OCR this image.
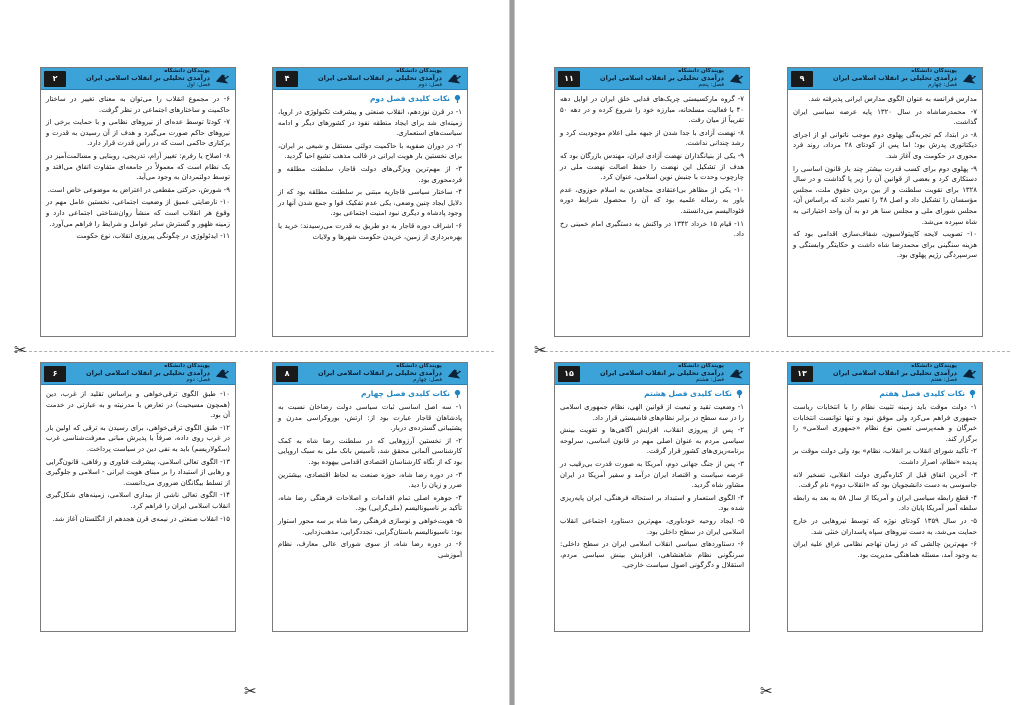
✂	✂
✂	✂
پویندگان دانشگاه
درآمدی تحلیلی بر انقلاب اسلامی ایران
فصل: اول
۲

۶- در مجموع انقلاب را می‌توان به معنای تغییر در ساختار حاکمیت و ساختارهای اجتماعی در نظر گرفت.

۷- کودتا توسط عده‌ای از نیروهای نظامی و با حمایت برخی از نیروهای حاکم صورت می‌گیرد و هدف از آن رسیدن به قدرت و برکناری حاکمی است که در رأس قدرت قرار دارد.

۸- اصلاح یا رفرم: تغییر آرام، تدریجی، روبنایی و مسالمت‌آمیز در یک نظام است که معمولاً در جامعه‌ای متفاوت اتفاق می‌افتد و توسط دولتمردان به وجود می‌آید.

۹- شورش، حرکتی مقطعی در اعتراض به موضوعی خاص است.

۱۰- نارضایتی عمیق از وضعیت اجتماعی، نخستین عامل مهم در وقوع هر انقلاب است که منشأ روان‌شناختی اجتماعی دارد و زمینه ظهور و گسترش سایر عوامل و شرایط را فراهم می‌آورد.

۱۱- ایدئولوژی در چگونگی پیروزی انقلاب، نوع حکومت

پویندگان دانشگاه
درآمدی تحلیلی بر انقلاب اسلامی ایران
فصل: دوم
۴
نکات کلیدی فصل دوم

۱- در قرن نوزدهم، انقلاب صنعتی و پیشرفت تکنولوژی در اروپا، زمینه‌ای شد برای ایجاد منطقه نفوذ در کشورهای دیگر و ادامه سیاست‌های استعماری.

۲- در دوران صفویه با حاکمیت دولتی مستقل و شیعی بر ایران، برای نخستین بار هویت ایرانی در قالب مذهب تشیع احیا گردید.

۳- از مهم‌ترین ویژگی‌های دولت قاجار، سلطنت مطلقه و فردمحوری بود.

۴- ساختار سیاسی قاجاریه مبتنی بر سلطنت مطلقه بود که از دلایل ایجاد چنین وضعی، یکی عدم تفکیک قوا و جمع شدن آنها در وجود پادشاه و دیگری نبود امنیت اجتماعی بود.

۶- اشراف دوره قاجار به دو طریق به قدرت می‌رسیدند: خرید یا بهره‌برداری از زمین، خریدن حکومت شهرها و ولایات

پویندگان دانشگاه
درآمدی تحلیلی بر انقلاب اسلامی ایران
فصل: پنجم
۱۱

۷- گروه مارکسیستی چریک‌های فدایی خلق ایران در اوایل دهه ۴۰ با فعالیت مسلحانه، مبارزه خود را شروع کرده و در دهه ۵۰ تقریباً از میان رفت.

۸- نهضت آزادی با جدا شدن از جبهه ملی اعلام موجودیت کرد و رشد چندانی نداشت.

۹- یکی از بنیانگذاران نهضت آزادی ایران، مهندس بازرگان بود که هدف از تشکیل این نهضت را حفظ اصالت نهضت ملی در چارچوب وحدت با جنبش نوین اسلامی، عنوان کرد.

۱۰- یکی از مظاهر بی‌اعتقادی مجاهدین به اسلام حوزوی، عدم باور به رساله علمیه بود که آن را محصول شرایط دوره فئودالیسم می‌دانستند.

۱۱- قیام ۱۵ خرداد ۱۳۴۲ در واکنش به دستگیری امام خمینی رخ داد.

پویندگان دانشگاه
درآمدی تحلیلی بر انقلاب اسلامی ایران
فصل: چهارم
۹

مدارس فرانسه به عنوان الگوی مدارس ایرانی پذیرفته شد.

۷- محمدرضاشاه در سال ۱۳۲۰ پایه عرصه سیاسی ایران گذاشت.

۸- در ابتدا، کم تجربه‌گی پهلوی دوم موجب ناتوانی او از اجرای دیکتاتوری پدرش بود؛ اما پس از کودتای ۲۸ مرداد، روند فرد محوری در حکومت وی آغاز شد.

۹- پهلوی دوم برای کسب قدرت بیشتر چند بار قانون اساسی را دستکاری کرد و بعضی از قوانین آن را زیر پا گذاشت و در سال ۱۳۲۸ برای تقویت سلطنت و از بین بردن حقوق ملت، مجلس مؤسسان را تشکیل داد و اصل ۴۸ را تغییر دادند که براساس آن، مجلس شورای ملی و مجلس سنا هر دو به آن واحد اختیاراتی به شاه سپرده می‌شد.

۱۰- تصویب لایحه کاپیتولاسیون، شفاف‌سازی اقدامی بود که هزینه سنگینی برای محمدرضا شاه داشت و حکایتگر وابستگی و سرسپردگی رژیم پهلوی بود.

پویندگان دانشگاه
درآمدی تحلیلی بر انقلاب اسلامی ایران
فصل: دوم
۶

۱۰- طبق الگوی ترقی‌خواهی و براساس تقلید از غرب، دین (همچون مسیحیت) در تعارض با مدرنیته و به عبارتی در خدمت آن بود.

۱۲- طبق الگوی ترقی‌خواهی، برای رسیدن به ترقی که اولین بار در غرب روی داده، صرفاً با پذیرش مبانی معرفت‌شناسی غرب (سکولاریسم) باید به نفی دین در سیاست پرداخت.

۱۳- الگوی تعالی اسلامی، پیشرفت فناوری و رفاهی، قانون‌گرایی و رهایی از استبداد را بر مبنای هویت ایرانی - اسلامی و جلوگیری از تسلط بیگانگان ضروری می‌دانست.

۱۴- الگوی تعالی ناشی از بیداری اسلامی، زمینه‌های شکل‌گیری انقلاب اسلامی ایران را فراهم کرد.

۱۵- انقلاب صنعتی در نیمه‌ی قرن هجدهم از انگلستان آغاز شد.

پویندگان دانشگاه
درآمدی تحلیلی بر انقلاب اسلامی ایران
فصل: چهارم
۸
نکات کلیدی فصل چهارم

۱- سه اصل اساسی ثبات سیاسی دولت رضاخان نسبت به پادشاهان قاجار عبارت بود از: ارتش، بوروکراسی مدرن و پشتیبانی گسترده‌ی دربار.

۲- از نخستین آرزوهایی که در سلطنت رضا شاه به کمک کارشناسی آلمانی محقق شد، تأسیس بانک ملی به سبک اروپایی بود که از نگاه کارشناسان اقتصادی اقدامی بیهوده بود.

۳- در دوره رضا شاه، حوزه صنعت به لحاظ اقتصادی، بیشترین ضرر و زیان را دید.

۴- جوهره اصلی تمام اقدامات و اصلاحات فرهنگی رضا شاه، تأکید بر ناسیونالیسم (ملی‌گرایی) بود.

۵- هویت‌خواهی و نوسازی فرهنگی رضا شاه بر سه محور استوار بود: ناسیونالیسم باستان‌گرایی، تجددگرایی، مذهب‌زدایی.

۶- در دوره رضا شاه، از سوی شورای عالی معارف، نظام آموزشی

پویندگان دانشگاه
درآمدی تحلیلی بر انقلاب اسلامی ایران
فصل: هشتم
۱۵
نکات کلیدی فصل هشتم

۱- وضعیت تقید و تبعیت از قوانین الهی، نظام جمهوری اسلامی را در سه سطح در برابر نظام‌های فاشیستی قرار داد.

۲- پس از پیروزی انقلاب، افزایش آگاهی‌ها و تقویت بینش سیاسی مردم به عنوان اصلی مهم در قانون اساسی، سرلوحه برنامه‌ریزی‌های کشور قرار گرفت.

۳- پس از جنگ جهانی دوم، آمریکا به صورت قدرت بی‌رقیب در عرصه سیاست و اقتصاد ایران درآمد و سفیر آمریکا در ایران مشاور شاه گردید.

۴- الگوی استعمار و استبداد بر استحاله فرهنگی، ایران پایه‌ریزی شده بود.

۵- ایجاد روحیه خودباوری، مهم‌ترین دستاورد اجتماعی انقلاب اسلامی ایران در سطح داخلی بود.

۶- دستاوردهای سیاسی انقلاب اسلامی ایران در سطح داخلی: سرنگونی نظام شاهنشاهی، افزایش بینش سیاسی مردم، استقلال و دگرگونی اصول سیاست خارجی.

پویندگان دانشگاه
درآمدی تحلیلی بر انقلاب اسلامی ایران
فصل: هفتم
۱۳
نکات کلیدی فصل هفتم

۱- دولت موقت باید زمینه تثبیت نظام را با انتخابات ریاست جمهوری فراهم می‌کرد ولی موفق نبود و تنها توانست انتخابات خبرگان و همه‌پرسی تعیین نوع نظام «جمهوری اسلامی» را برگزار کند.

۲- تأکید شورای انقلاب بر انقلاب، نظام» بود ولی دولت موقت بر پدیده «نظام، اصرار داشت.

۳- آخرین اتفاق قبل از کناره‌گیری دولت انقلابی، تسخیر لانه جاسوسی به دست دانشجویان بود که «انقلاب دوم» نام گرفت.

۴- قطع رابطه سیاسی ایران و آمریکا از سال ۵۸ به بعد به رابطه سلطه آمیز آمریکا پایان داد.

۵- در سال ۱۳۵۹ کودتای نوژه که توسط نیروهایی در خارج حمایت می‌شد، به دست نیروهای سپاه پاسداران خنثی شد.

۶- مهم‌ترین چالشی که در زمان تهاجم نظامی عراق علیه ایران به وجود آمد، مسئله هماهنگی مدیریت بود.
